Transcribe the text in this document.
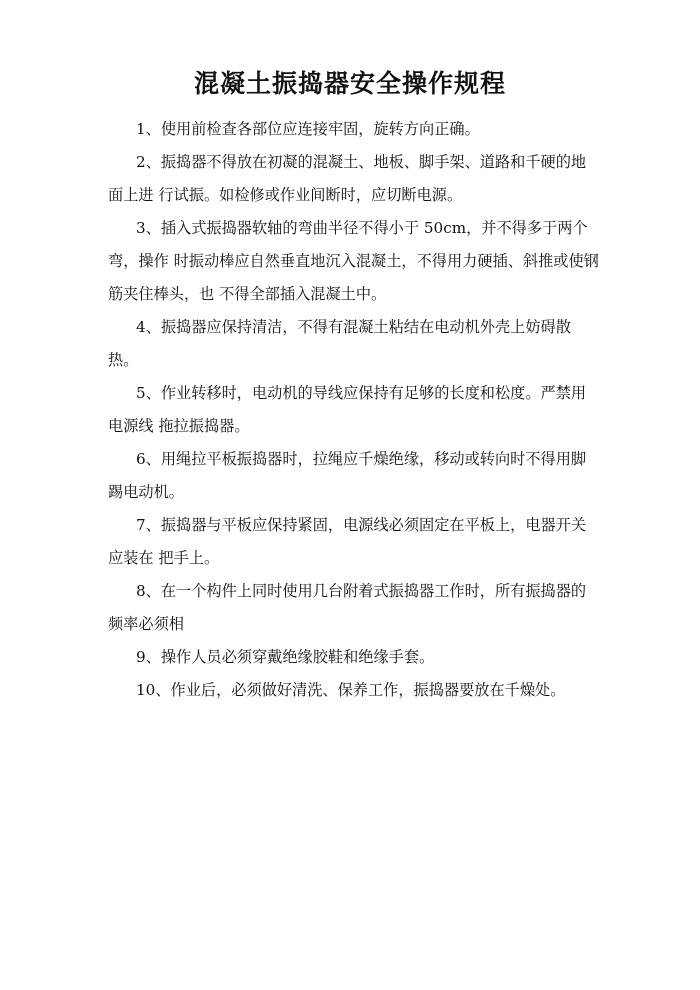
混凝土振捣器安全操作规程

1、使用前检查各部位应连接牢固，旋转方向正确。

2、振捣器不得放在初凝的混凝土、地板、脚手架、道路和千硬的地面上进 行试振。如检修或作业间断时，应切断电源。

3、插入式振捣器软轴的弯曲半径不得小于 50cm，并不得多于两个弯，操作 时振动棒应自然垂直地沉入混凝土，不得用力硬插、斜推或使钢筋夹住棒头，也 不得全部插入混凝土中。

4、振捣器应保持清洁，不得有混凝土粘结在电动机外壳上妨碍散热。

5、作业转移时，电动机的导线应保持有足够的长度和松度。严禁用电源线 拖拉振捣器。

6、用绳拉平板振捣器时，拉绳应千燥绝缘，移动或转向时不得用脚踢电动机。

7、振捣器与平板应保持紧固，电源线必须固定在平板上，电器开关应装在 把手上。

8、在一个构件上同时使用几台附着式振捣器工作时，所有振捣器的频率必须相

9、操作人员必须穿戴绝缘胶鞋和绝缘手套。

10、作业后，必须做好清洗、保养工作，振捣器要放在千燥处。
